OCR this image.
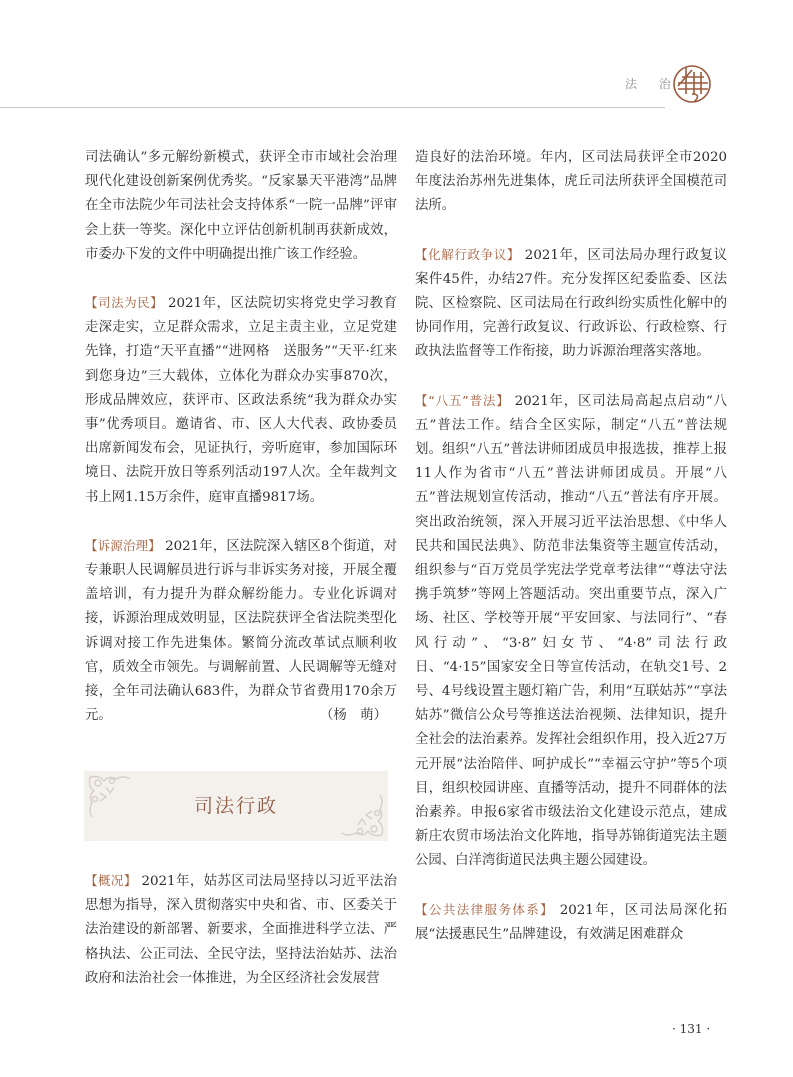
法 治

司法确认”多元解纷新模式，获评全市市域社会治理现代化建设创新案例优秀奖。“反家暴天平港湾”品牌在全市法院少年司法社会支持体系“一院一品牌”评审会上获一等奖。深化中立评估创新机制再获新成效，市委办下发的文件中明确提出推广该工作经验。

【司法为民】 2021年，区法院切实将党史学习教育走深走实，立足群众需求，立足主责主业，立足党建先锋，打造“天平直播”“进网格　送服务”“天平·红来到您身边”三大载体，立体化为群众办实事870次，形成品牌效应，获评市、区政法系统“我为群众办实事”优秀项目。邀请省、市、区人大代表、政协委员出席新闻发布会，见证执行，旁听庭审，参加国际环境日、法院开放日等系列活动197人次。全年裁判文书上网1.15万余件，庭审直播9817场。

【诉源治理】 2021年，区法院深入辖区8个街道，对专兼职人民调解员进行诉与非诉实务对接，开展全覆盖培训，有力提升为群众解纷能力。专业化诉调对接，诉源治理成效明显，区法院获评全省法院类型化诉调对接工作先进集体。繁简分流改革试点顺利收官，质效全市领先。与调解前置、人民调解等无缝对接，全年司法确认683件，为群众节省费用170余万元。	（杨　萌）
司法行政

【概况】 2021年，姑苏区司法局坚持以习近平法治思想为指导，深入贯彻落实中央和省、市、区委关于法治建设的新部署、新要求，全面推进科学立法、严格执法、公正司法、全民守法，坚持法治姑苏、法治政府和法治社会一体推进，为全区经济社会发展营

造良好的法治环境。年内，区司法局获评全市2020年度法治苏州先进集体，虎丘司法所获评全国模范司法所。

【化解行政争议】 2021年，区司法局办理行政复议案件45件，办结27件。充分发挥区纪委监委、区法院、区检察院、区司法局在行政纠纷实质性化解中的协同作用，完善行政复议、行政诉讼、行政检察、行政执法监督等工作衔接，助力诉源治理落实落地。

【“八五”普法】 2021年，区司法局高起点启动“八五”普法工作。结合全区实际，制定“八五”普法规划。组织“八五”普法讲师团成员申报选拔，推荐上报11人作为省市“八五”普法讲师团成员。开展“八五”普法规划宣传活动，推动“八五”普法有序开展。突出政治统领，深入开展习近平法治思想、《中华人民共和国民法典》、防范非法集资等主题宣传活动，组织参与“百万党员学宪法学党章考法律”“尊法守法　携手筑梦”等网上答题活动。突出重要节点，深入广场、社区、学校等开展“平安回家、与法同行”、“春风行动”、“3·8”妇女节、“4·8”司法行政日、“4·15”国家安全日等宣传活动，在轨交1号、2号、4号线设置主题灯箱广告，利用“互联姑苏”“享法姑苏”微信公众号等推送法治视频、法律知识，提升全社会的法治素养。发挥社会组织作用，投入近27万元开展“法治陪伴、呵护成长”“幸福云守护”等5个项目，组织校园讲座、直播等活动，提升不同群体的法治素养。申报6家省市级法治文化建设示范点，建成新庄农贸市场法治文化阵地，指导苏锦街道宪法主题公园、白洋湾街道民法典主题公园建设。

【公共法律服务体系】 2021年，区司法局深化拓展“法援惠民生”品牌建设，有效满足困难群众

· 131 ·
